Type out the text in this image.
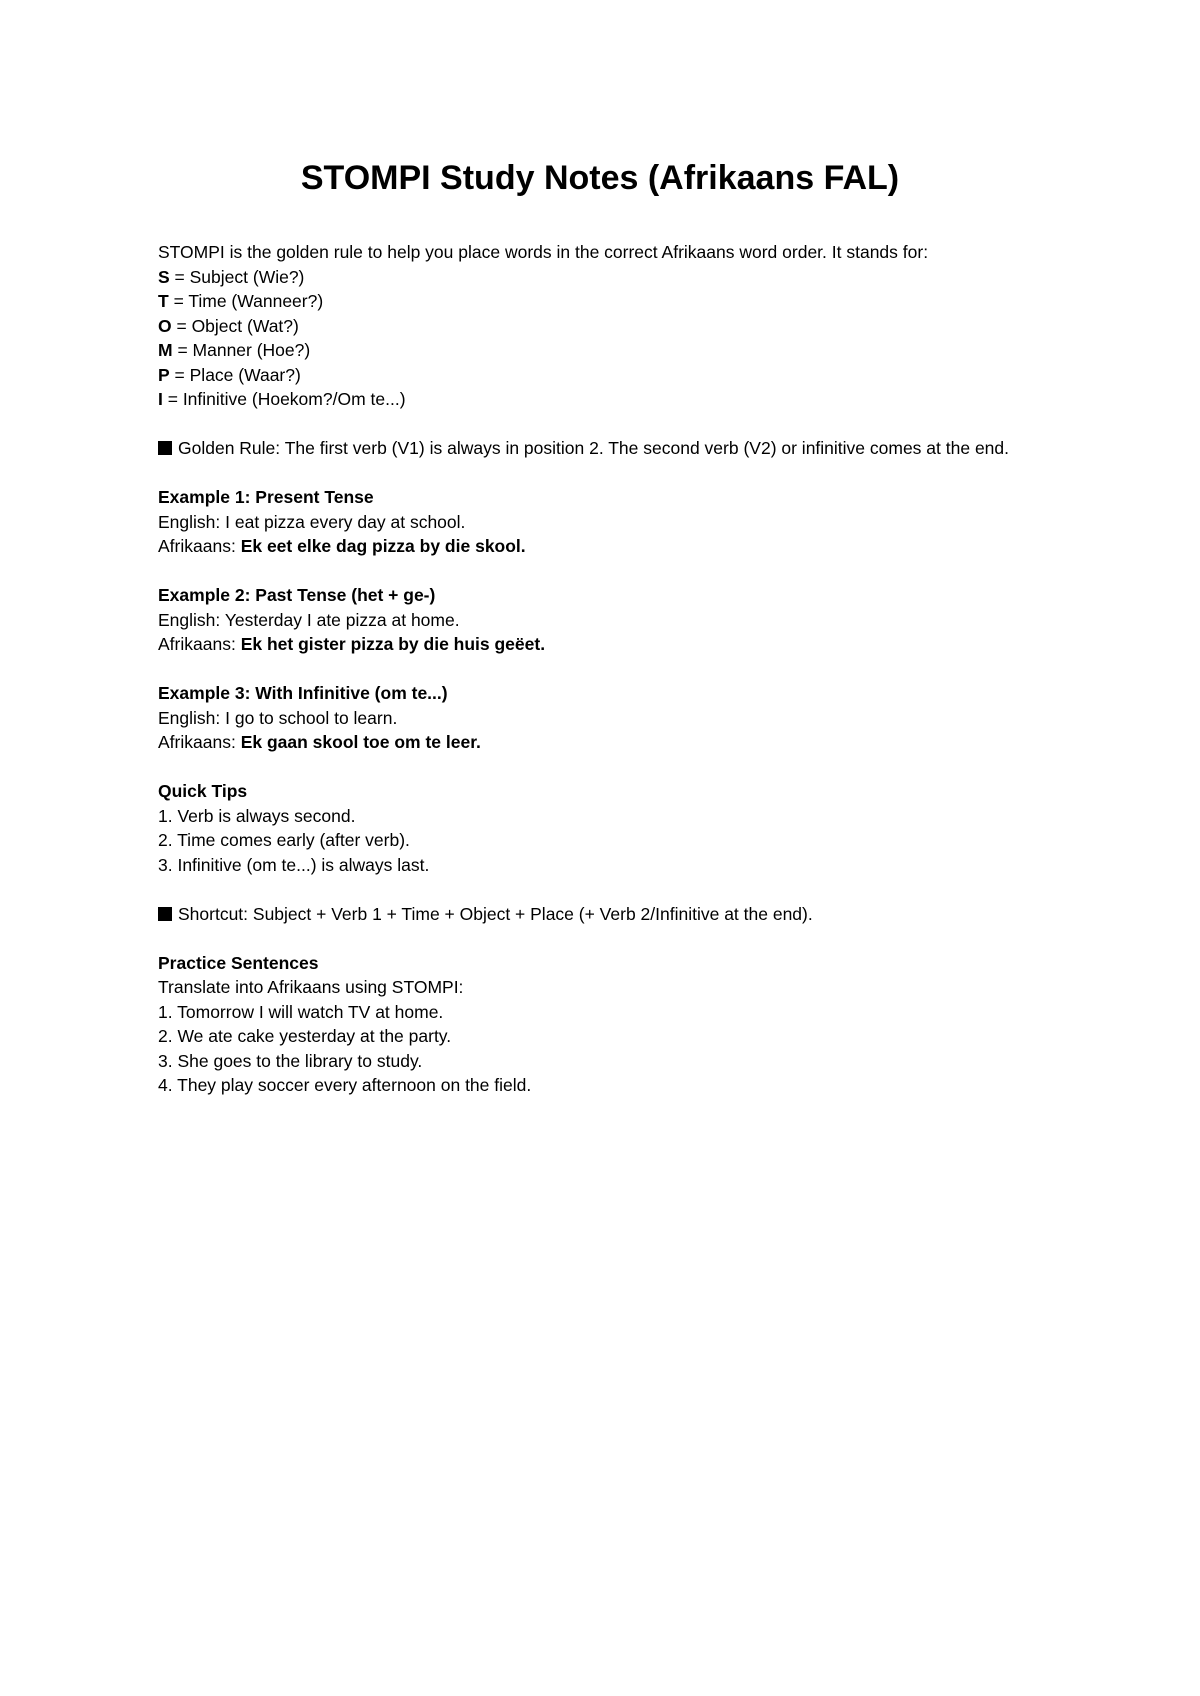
STOMPI Study Notes (Afrikaans FAL)

STOMPI is the golden rule to help you place words in the correct Afrikaans word order. It stands for:

S = Subject (Wie?)

T = Time (Wanneer?)

O = Object (Wat?)

M = Manner (Hoe?)

P = Place (Waar?)

I = Infinitive (Hoekom?/Om te...)

Golden Rule: The first verb (V1) is always in position 2. The second verb (V2) or infinitive comes at the end.

Example 1: Present Tense

English: I eat pizza every day at school.

Afrikaans: Ek eet elke dag pizza by die skool.

Example 2: Past Tense (het + ge-)

English: Yesterday I ate pizza at home.

Afrikaans: Ek het gister pizza by die huis geëet.

Example 3: With Infinitive (om te...)

English: I go to school to learn.

Afrikaans: Ek gaan skool toe om te leer.

Quick Tips

1. Verb is always second.

2. Time comes early (after verb).

3. Infinitive (om te...) is always last.

Shortcut: Subject + Verb 1 + Time + Object + Place (+ Verb 2/Infinitive at the end).

Practice Sentences

Translate into Afrikaans using STOMPI:

1. Tomorrow I will watch TV at home.

2. We ate cake yesterday at the party.

3. She goes to the library to study.

4. They play soccer every afternoon on the field.
